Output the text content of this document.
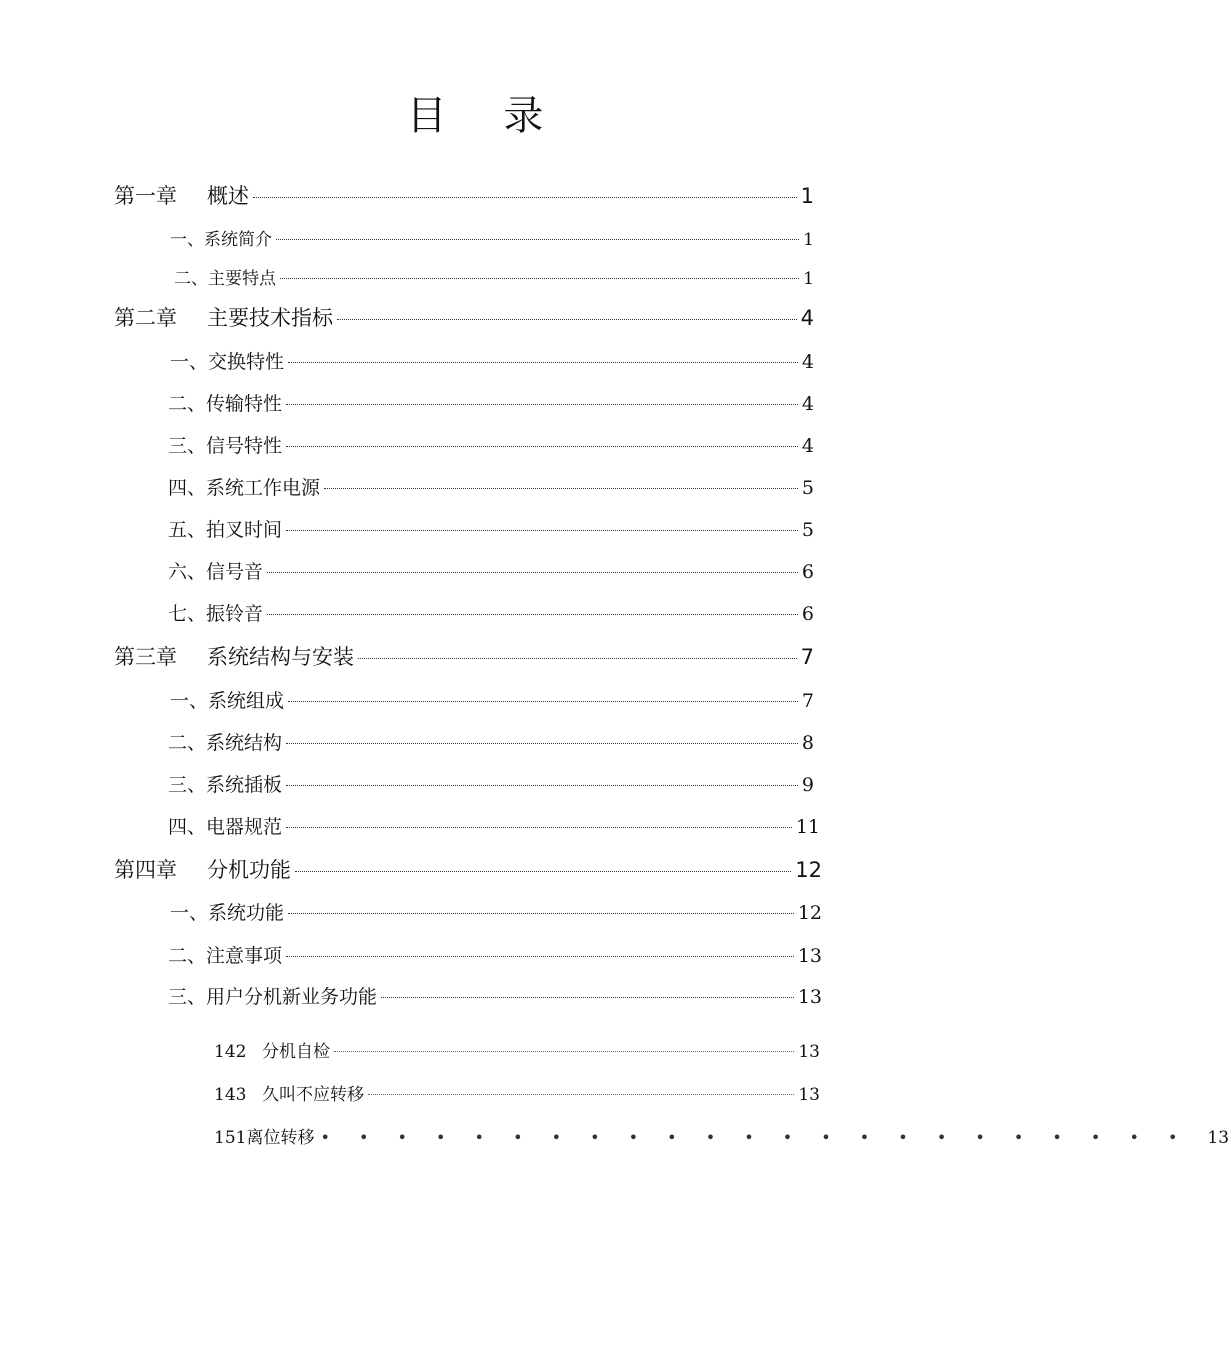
目 录
第一章	概述	1
一、系统简介	1
二、主要特点	1
第二章	主要技术指标	4
一、交换特性	4
二、传输特性	4
三、信号特性	4
四、系统工作电源	5
五、拍叉时间	5
六、信号音	6
七、振铃音	6
第三章	系统结构与安装	7
一、系统组成	7
二、系统结构	8
三、系统插板	9
四、电器规范	11
第四章	分机功能	12
一、系统功能	12
二、注意事项	13
三、用户分机新业务功能	13
142 分机自检	13
143 久叫不应转移	13
151 离位转移 • • • • • • • • • • • • • • • • • • • • • • • 13
